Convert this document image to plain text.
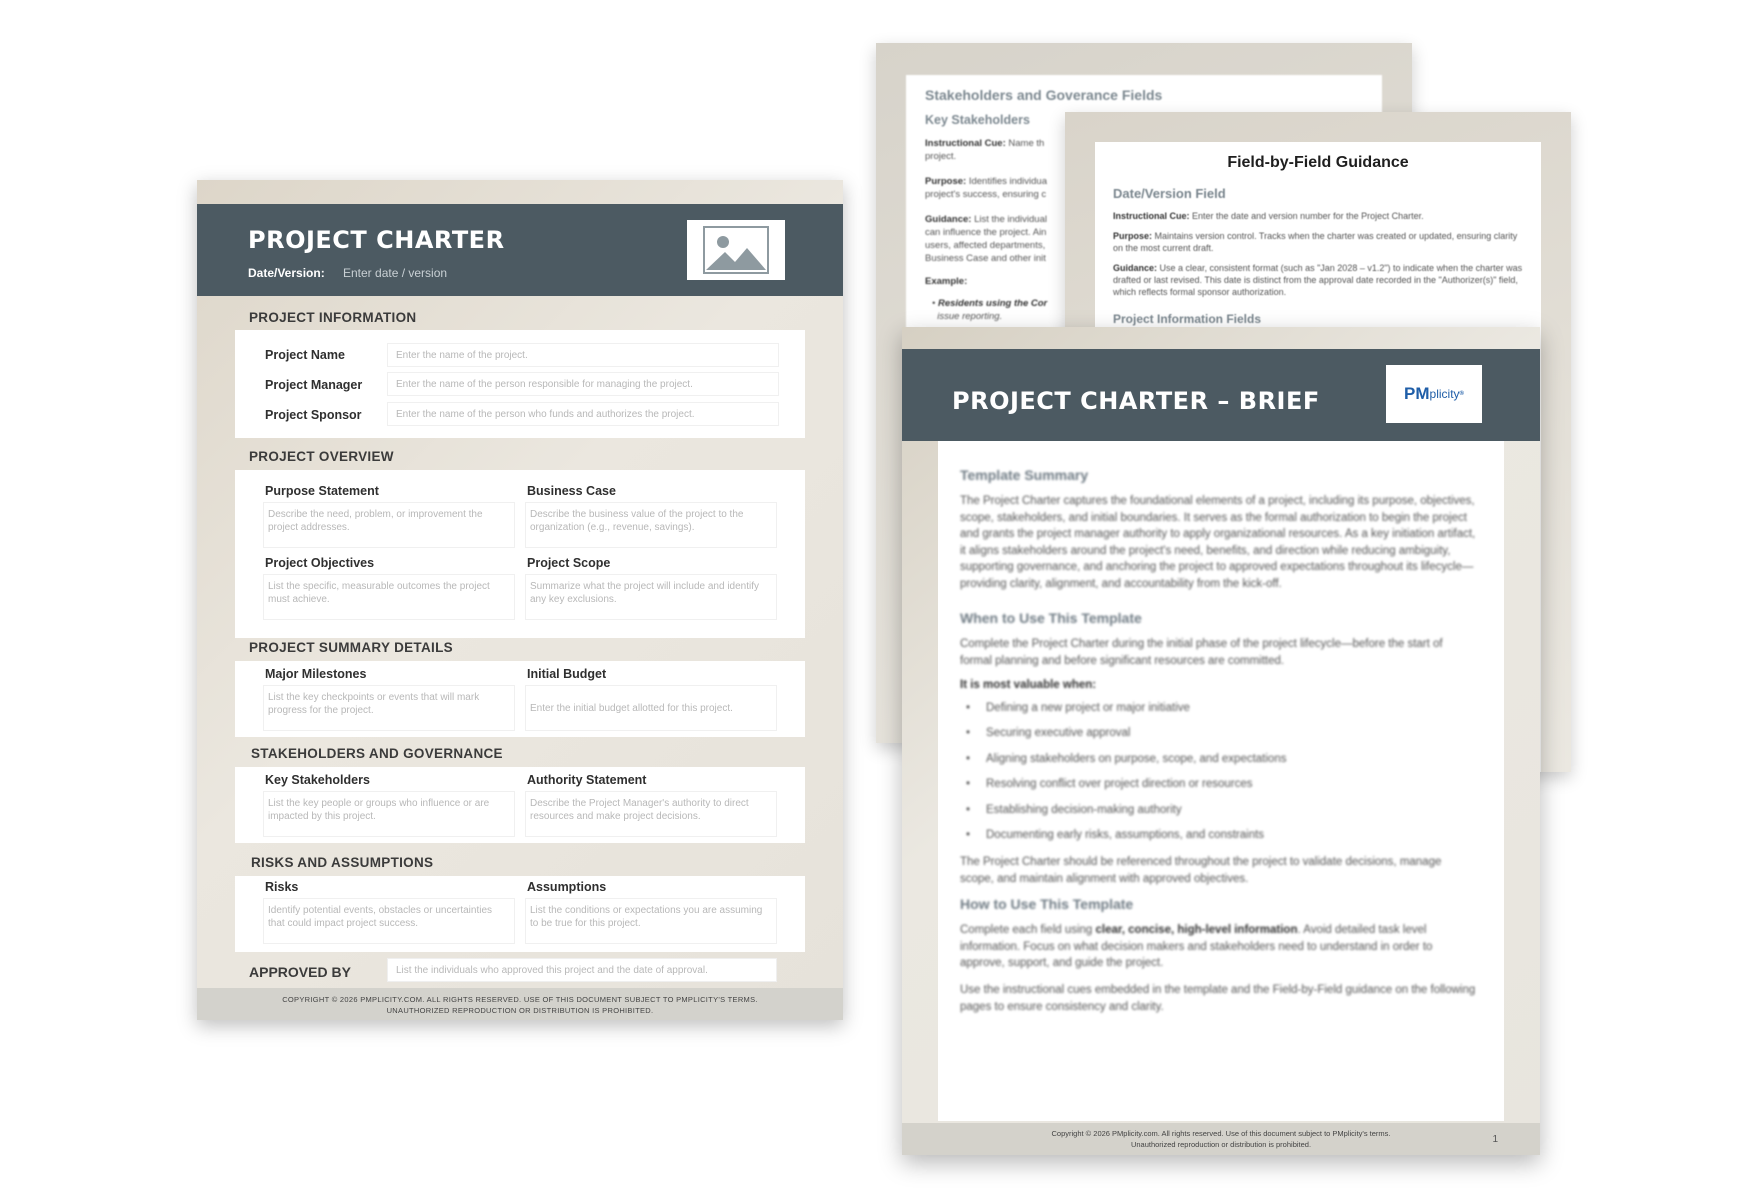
Stakeholders and Goverance Fields
Key Stakeholders
Instructional Cue: Name th
project.
Purpose: Identifies individua
project's success, ensuring c
Guidance: List the individual
can influence the project. Ain
users, affected departments,
Business Case and other init
Example:
• Residents using the Cor
issue reporting.
Field-by-Field Guidance
Date/Version Field
Instructional Cue: Enter the date and version number for the Project Charter.
Purpose: Maintains version control. Tracks when the charter was created or updated, ensuring clarity on the most current draft.
Guidance: Use a clear, consistent format (such as "Jan 2028 – v1.2") to indicate when the charter was drafted or last revised. This date is distinct from the approval date recorded in the "Authorizer(s)" field, which reflects formal sponsor authorization.
Project Information Fields
PROJECT CHARTER
Date/Version: Enter date / version
PROJECT INFORMATION
Project Name	Enter the name of the project.
Project Manager	Enter the name of the person responsible for managing the project.
Project Sponsor	Enter the name of the person who funds and authorizes the project.
PROJECT OVERVIEW
Purpose Statement
Describe the need, problem, or improvement the project addresses.
Business Case
Describe the business value of the project to the organization (e.g., revenue, savings).
Project Objectives
List the specific, measurable outcomes the project must achieve.
Project Scope
Summarize what the project will include and identify any key exclusions.
PROJECT SUMMARY DETAILS
Major Milestones
List the key checkpoints or events that will mark progress for the project.
Initial Budget
Enter the initial budget allotted for this project.
STAKEHOLDERS AND GOVERNANCE
Key Stakeholders
List the key people or groups who influence or are impacted by this project.
Authority Statement
Describe the Project Manager's authority to direct resources and make project decisions.
RISKS AND ASSUMPTIONS
Risks
Identify potential events, obstacles or uncertainties that could impact project success.
Assumptions
List the conditions or expectations you are assuming to be true for this project.
APPROVED BY	List the individuals who approved this project and the date of approval.
COPYRIGHT © 2026 PMPLICITY.COM. ALL RIGHTS RESERVED. USE OF THIS DOCUMENT SUBJECT TO PMPLICITY'S TERMS.
UNAUTHORIZED REPRODUCTION OR DISTRIBUTION IS PROHIBITED.
PROJECT CHARTER – BRIEF	PM plicity ®
Template Summary
The Project Charter captures the foundational elements of a project, including its purpose, objectives, scope, stakeholders, and initial boundaries. It serves as the formal authorization to begin the project and grants the project manager authority to apply organizational resources. As a key initiation artifact, it aligns stakeholders around the project's need, benefits, and direction while reducing ambiguity, supporting governance, and anchoring the project to approved expectations throughout its lifecycle—providing clarity, alignment, and accountability from the kick-off.
When to Use This Template
Complete the Project Charter during the initial phase of the project lifecycle—before the start of formal planning and before significant resources are committed.
It is most valuable when:
• Defining a new project or major initiative
• Securing executive approval
• Aligning stakeholders on purpose, scope, and expectations
• Resolving conflict over project direction or resources
• Establishing decision-making authority
• Documenting early risks, assumptions, and constraints
The Project Charter should be referenced throughout the project to validate decisions, manage scope, and maintain alignment with approved objectives.
How to Use This Template
Complete each field using clear, concise, high-level information. Avoid detailed task level information. Focus on what decision makers and stakeholders need to understand in order to approve, support, and guide the project.
Use the instructional cues embedded in the template and the Field-by-Field guidance on the following pages to ensure consistency and clarity.
Copyright © 2026 PMplicity.com. All rights reserved. Use of this document subject to PMplicity's terms.
Unauthorized reproduction or distribution is prohibited.	1
